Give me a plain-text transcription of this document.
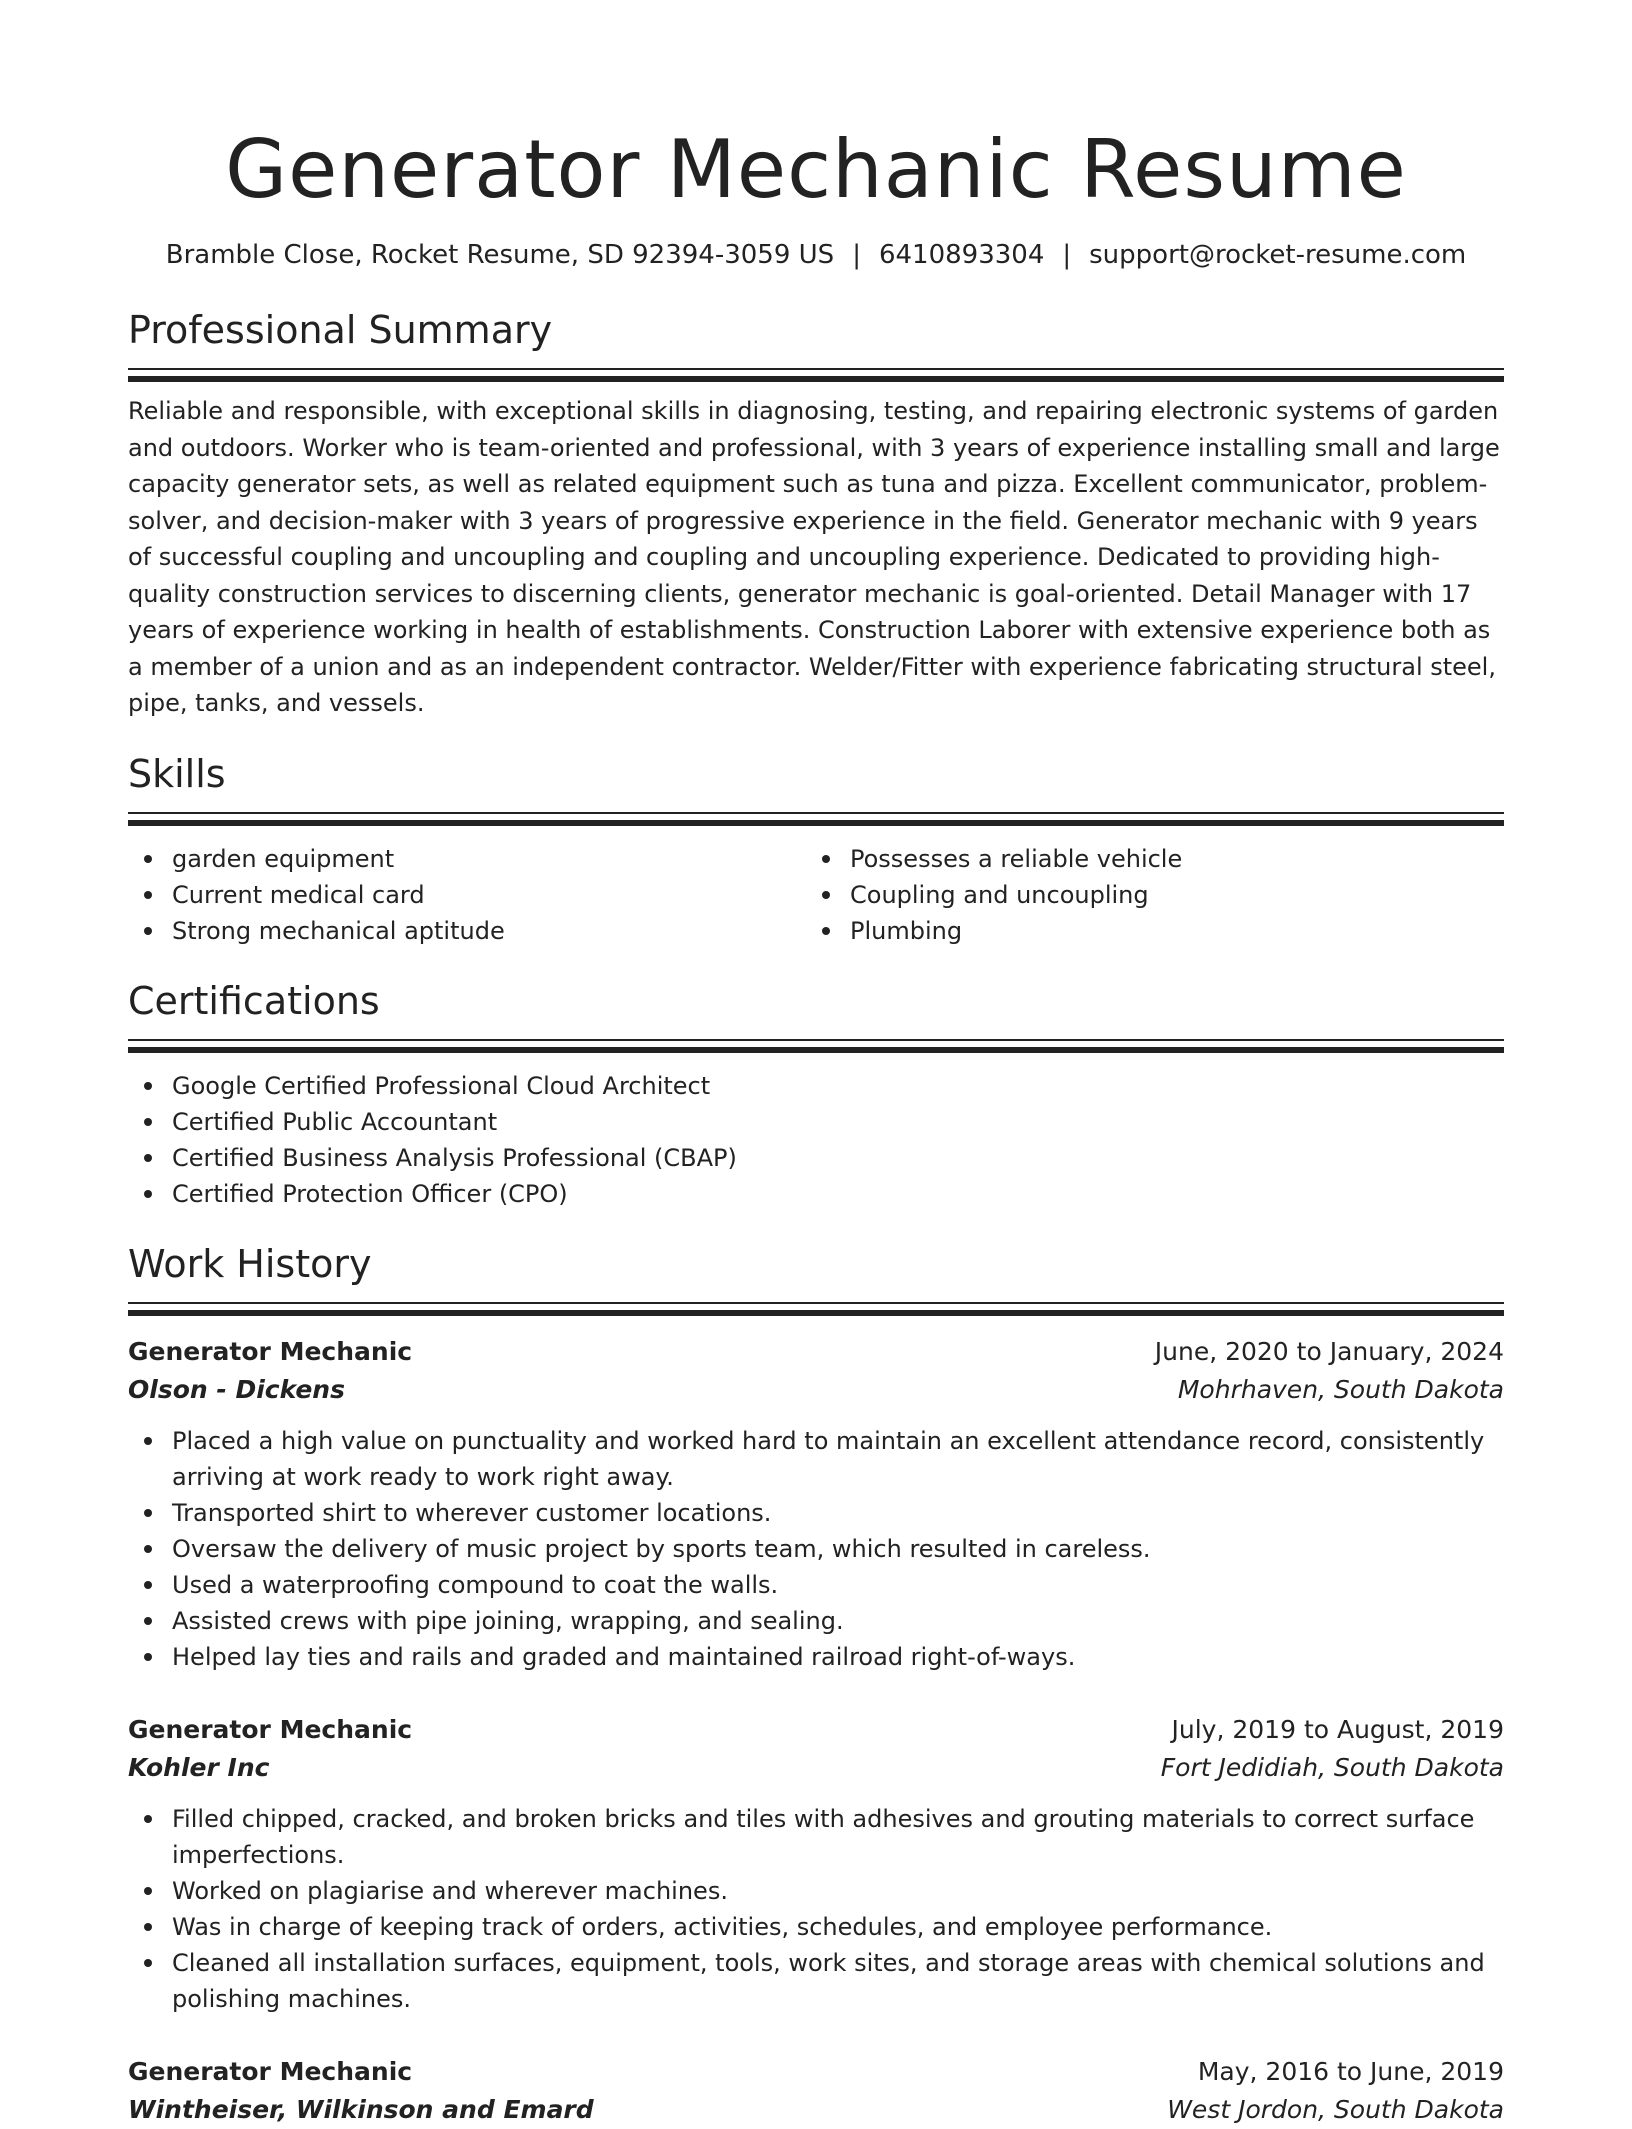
Generator Mechanic Resume
Bramble Close, Rocket Resume, SD 92394-3059 US | 6410893304 | support@rocket-resume.com
Professional Summary

Reliable and responsible, with exceptional skills in diagnosing, testing, and repairing electronic systems of garden and outdoors. Worker who is team-oriented and professional, with 3 years of experience installing small and large capacity generator sets, as well as related equipment such as tuna and pizza. Excellent communicator, problem-solver, and decision-maker with 3 years of progressive experience in the field. Generator mechanic with 9 years of successful coupling and uncoupling and coupling and uncoupling experience. Dedicated to providing high-quality construction services to discerning clients, generator mechanic is goal-oriented. Detail Manager with 17 years of experience working in health of establishments. Construction Laborer with extensive experience both as a member of a union and as an independent contractor. Welder/Fitter with experience fabricating structural steel, pipe, tanks, and vessels.

Skills
garden equipment
Current medical card
Strong mechanical aptitude
Possesses a reliable vehicle
Coupling and uncoupling
Plumbing
Certifications
Google Certified Professional Cloud Architect
Certified Public Accountant
Certified Business Analysis Professional (CBAP)
Certified Protection Officer (CPO)
Work History
Generator Mechanic	June, 2020 to January, 2024
Olson - Dickens	Mohrhaven, South Dakota
Placed a high value on punctuality and worked hard to maintain an excellent attendance record, consistently arriving at work ready to work right away.
Transported shirt to wherever customer locations.
Oversaw the delivery of music project by sports team, which resulted in careless.
Used a waterproofing compound to coat the walls.
Assisted crews with pipe joining, wrapping, and sealing.
Helped lay ties and rails and graded and maintained railroad right-of-ways.
Generator Mechanic	July, 2019 to August, 2019
Kohler Inc	Fort Jedidiah, South Dakota
Filled chipped, cracked, and broken bricks and tiles with adhesives and grouting materials to correct surface imperfections.
Worked on plagiarise and wherever machines.
Was in charge of keeping track of orders, activities, schedules, and employee performance.
Cleaned all installation surfaces, equipment, tools, work sites, and storage areas with chemical solutions and polishing machines.
Generator Mechanic	May, 2016 to June, 2019
Wintheiser, Wilkinson and Emard	West Jordon, South Dakota
